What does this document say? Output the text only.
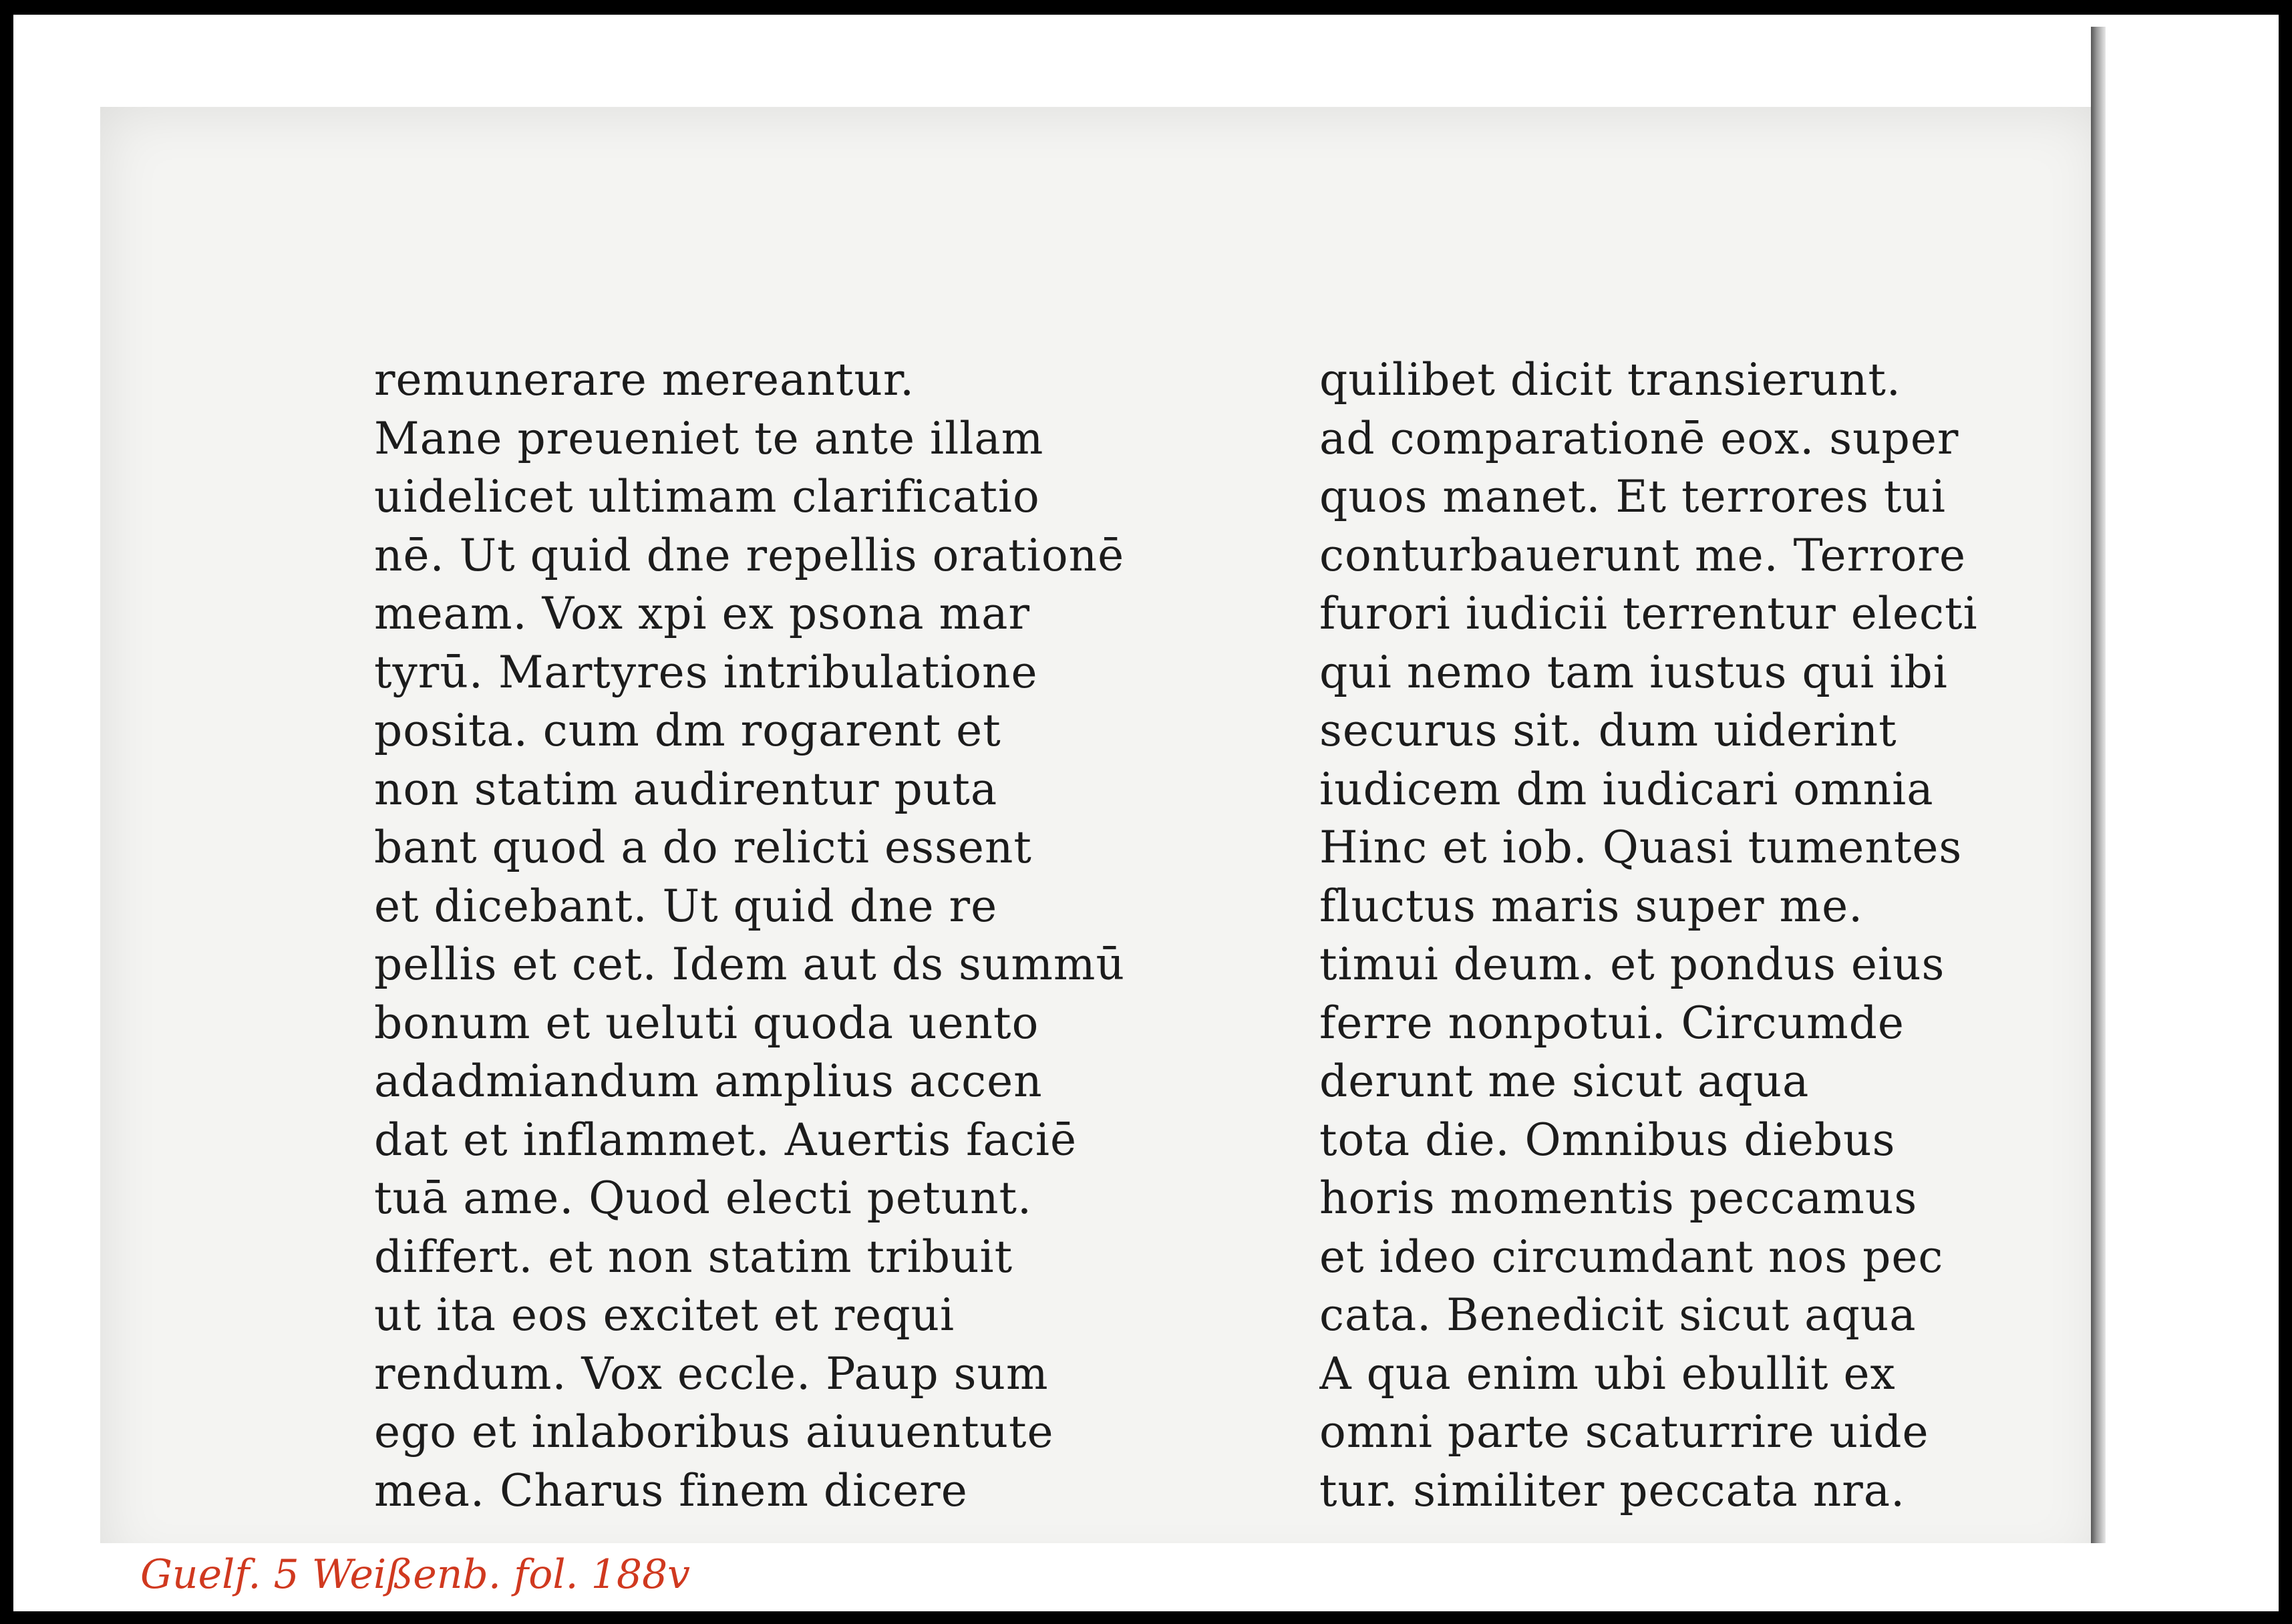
remunerare mereantur.
Mane preueniet te ante illam
uidelicet ultimam clarificatio
nē. Ut quid dne repellis orationē
meam. Vox xpi ex psona mar
tyrū. Martyres intribulatione
posita. cum dm rogarent et
non statim audirentur puta
bant quod a do relicti essent
et dicebant. Ut quid dne re
pellis et cet. Idem aut ds summū
bonum et ueluti quoda uento
adadmiandum amplius accen
dat et inflammet. Auertis faciē
tuā ame. Quod electi petunt.
differt. et non statim tribuit
ut ita eos excitet et requi
rendum. Vox eccle. Paup sum
ego et inlaboribus aiuuentute
mea. Charus finem dicere
quilibet dicit transierunt.
ad comparationē eox. super
quos manet. Et terrores tui
conturbauerunt me. Terrore
furori iudicii terrentur electi
qui nemo tam iustus qui ibi
securus sit. dum uiderint
iudicem dm iudicari omnia
Hinc et iob. Quasi tumentes
fluctus maris super me.
timui deum. et pondus eius
ferre nonpotui. Circumde
derunt me sicut aqua
tota die. Omnibus diebus
horis momentis peccamus
et ideo circumdant nos pec
cata. Benedicit sicut aqua
A qua enim ubi ebullit ex
omni parte scaturrire uide
tur. similiter peccata nra.
Guelf. 5 Weißenb. fol. 188v
